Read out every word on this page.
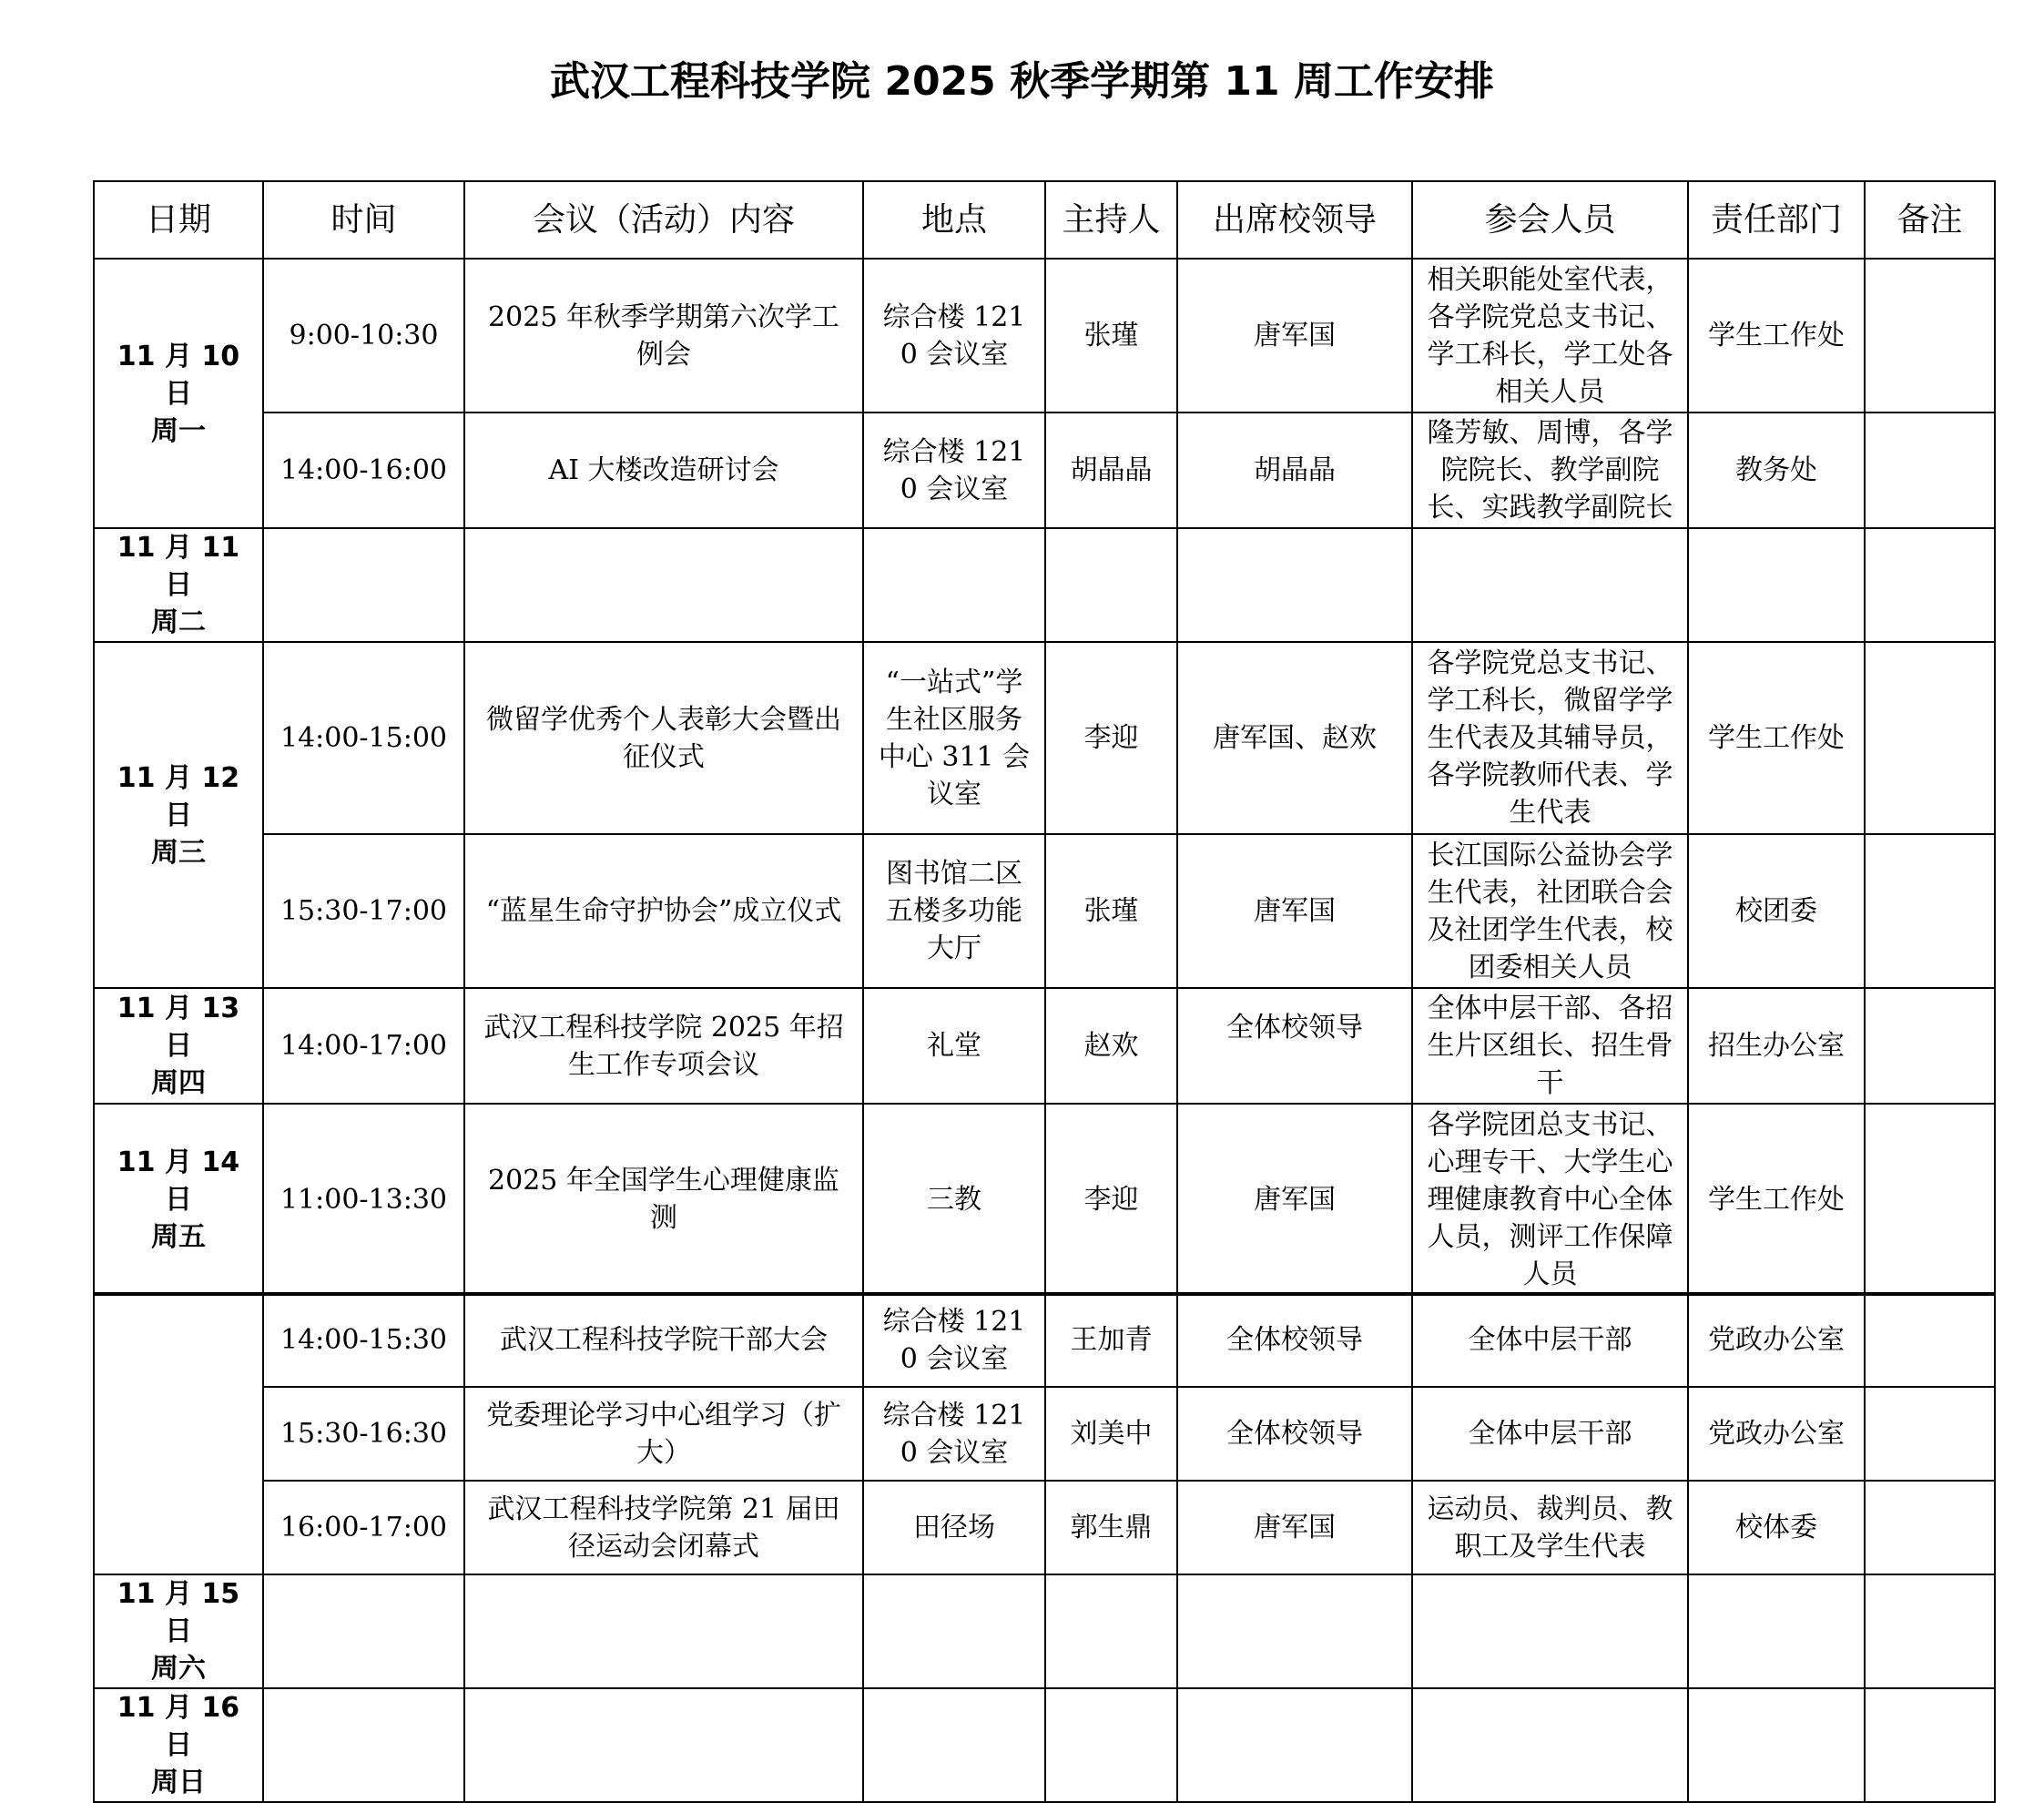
武汉工程科技学院 2025 秋季学期第 11 周工作安排
日期	时间	会议（活动）内容	地点	主持人	出席校领导	参会人员	责任部门	备注

11 月 10 日
周一	9:00-10:30	2025 年秋季学期第六次学工例会	综合楼 1210 会议室	张瑾	唐军国	相关职能处室代表，各学院党总支书记、学工科长，学工处各相关人员	学生工作处	
	14:00-16:00	AI 大楼改造研讨会	综合楼 1210 会议室	胡晶晶	胡晶晶	隆芳敏、周博，各学院院长、教学副院长、实践教学副院长	教务处	

11 月 11 日
周二								

11 月 12 日
周三	14:00-15:00	微留学优秀个人表彰大会暨出征仪式	“一站式”学生社区服务中心 311 会议室	李迎	唐军国、赵欢	各学院党总支书记、学工科长，微留学学生代表及其辅导员，各学院教师代表、学生代表	学生工作处	
	15:30-17:00	“蓝星生命守护协会”成立仪式	图书馆二区五楼多功能大厅	张瑾	唐军国	长江国际公益协会学生代表，社团联合会及社团学生代表，校团委相关人员	校团委	

11 月 13 日
周四	14:00-17:00	武汉工程科技学院 2025 年招生工作专项会议	礼堂	赵欢	全体校领导	全体中层干部、各招生片区组长、招生骨干	招生办公室	

11 月 14 日
周五	11:00-13:30	2025 年全国学生心理健康监测	三教	李迎	唐军国	各学院团总支书记、心理专干、大学生心理健康教育中心全体人员，测评工作保障人员	学生工作处	
	14:00-15:30	武汉工程科技学院干部大会	综合楼 1210 会议室	王加青	全体校领导	全体中层干部	党政办公室	
	15:30-16:30	党委理论学习中心组学习（扩大）	综合楼 1210 会议室	刘美中	全体校领导	全体中层干部	党政办公室	
	16:00-17:00	武汉工程科技学院第 21 届田径运动会闭幕式	田径场	郭生鼎	唐军国	运动员、裁判员、教职工及学生代表	校体委	

11 月 15 日
周六								

11 月 16 日
周日								
